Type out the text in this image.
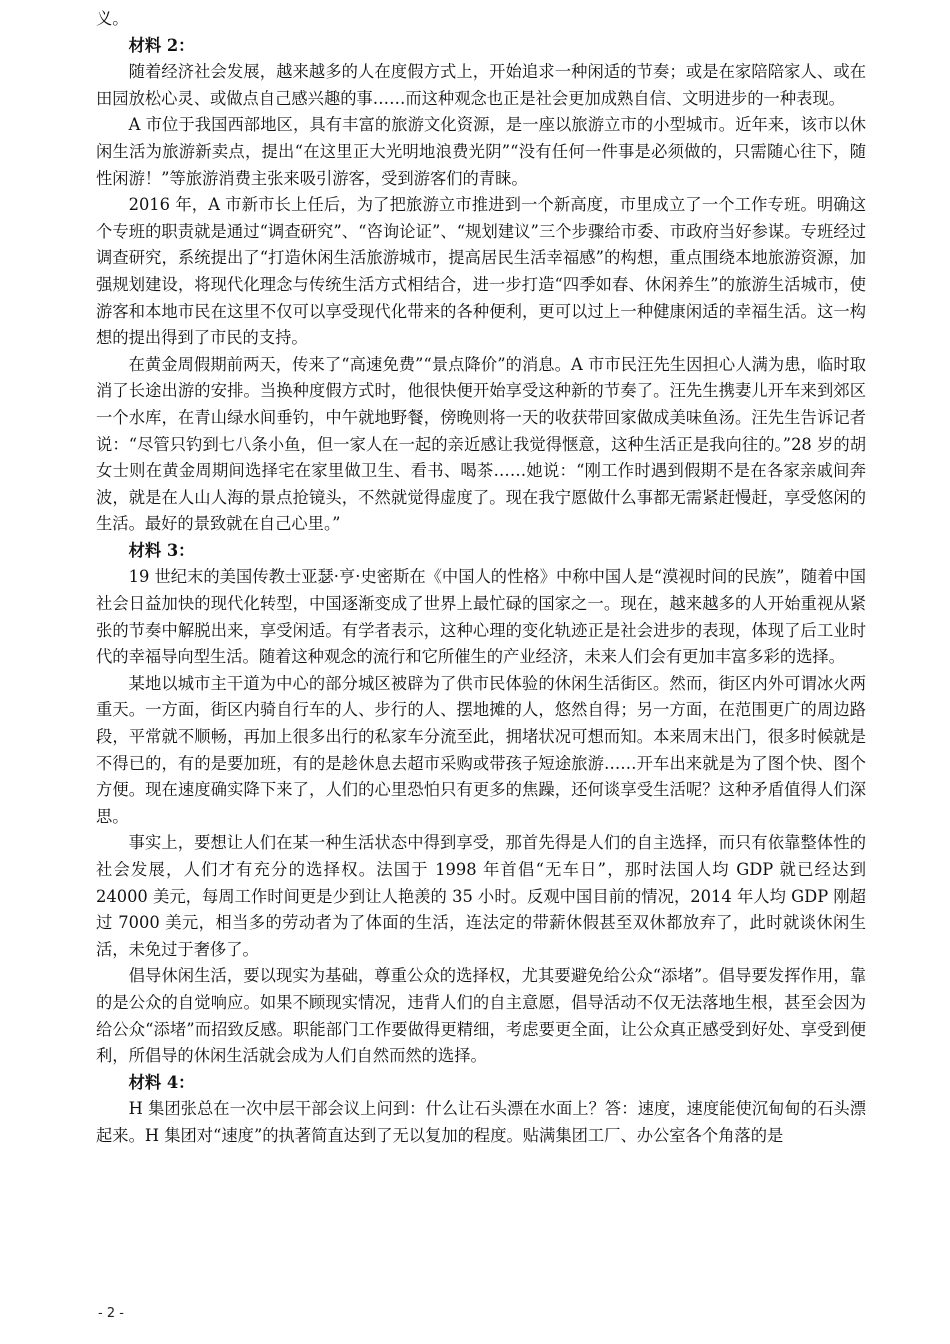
义。

材料 2：

随着经济社会发展，越来越多的人在度假方式上，开始追求一种闲适的节奏；或是在家陪陪家人、或在田园放松心灵、或做点自己感兴趣的事……而这种观念也正是社会更加成熟自信、文明进步的一种表现。

A 市位于我国西部地区，具有丰富的旅游文化资源，是一座以旅游立市的小型城市。近年来，该市以休闲生活为旅游新卖点，提出“在这里正大光明地浪费光阴”“没有任何一件事是必须做的，只需随心往下，随性闲游！”等旅游消费主张来吸引游客，受到游客们的青睐。

2016 年，A 市新市长上任后，为了把旅游立市推进到一个新高度，市里成立了一个工作专班。明确这个专班的职责就是通过“调查研究”、“咨询论证”、“规划建议”三个步骤给市委、市政府当好参谋。专班经过调查研究，系统提出了“打造休闲生活旅游城市，提高居民生活幸福感”的构想，重点围绕本地旅游资源，加强规划建设，将现代化理念与传统生活方式相结合，进一步打造“四季如春、休闲养生”的旅游生活城市，使游客和本地市民在这里不仅可以享受现代化带来的各种便利，更可以过上一种健康闲适的幸福生活。这一构想的提出得到了市民的支持。

在黄金周假期前两天，传来了“高速免费”“景点降价”的消息。A 市市民汪先生因担心人满为患，临时取消了长途出游的安排。当换种度假方式时，他很快便开始享受这种新的节奏了。汪先生携妻儿开车来到郊区一个水库，在青山绿水间垂钓，中午就地野餐，傍晚则将一天的收获带回家做成美味鱼汤。汪先生告诉记者说：“尽管只钓到七八条小鱼，但一家人在一起的亲近感让我觉得惬意，这种生活正是我向往的。”28 岁的胡女士则在黄金周期间选择宅在家里做卫生、看书、喝茶……她说：“刚工作时遇到假期不是在各家亲戚间奔波，就是在人山人海的景点抢镜头，不然就觉得虚度了。现在我宁愿做什么事都无需紧赶慢赶，享受悠闲的生活。最好的景致就在自己心里。”

材料 3：

19 世纪末的美国传教士亚瑟·亨·史密斯在《中国人的性格》中称中国人是“漠视时间的民族”，随着中国社会日益加快的现代化转型，中国逐渐变成了世界上最忙碌的国家之一。现在，越来越多的人开始重视从紧张的节奏中解脱出来，享受闲适。有学者表示，这种心理的变化轨迹正是社会进步的表现，体现了后工业时代的幸福导向型生活。随着这种观念的流行和它所催生的产业经济，未来人们会有更加丰富多彩的选择。

某地以城市主干道为中心的部分城区被辟为了供市民体验的休闲生活街区。然而，街区内外可谓冰火两重天。一方面，街区内骑自行车的人、步行的人、摆地摊的人，悠然自得；另一方面，在范围更广的周边路段，平常就不顺畅，再加上很多出行的私家车分流至此，拥堵状况可想而知。本来周末出门，很多时候就是不得已的，有的是要加班，有的是趁休息去超市采购或带孩子短途旅游……开车出来就是为了图个快、图个方便。现在速度确实降下来了，人们的心里恐怕只有更多的焦躁，还何谈享受生活呢？这种矛盾值得人们深思。

事实上，要想让人们在某一种生活状态中得到享受，那首先得是人们的自主选择，而只有依靠整体性的社会发展，人们才有充分的选择权。法国于 1998 年首倡“无车日”，那时法国人均 GDP 就已经达到 24000 美元，每周工作时间更是少到让人艳羡的 35 小时。反观中国目前的情况，2014 年人均 GDP 刚超过 7000 美元，相当多的劳动者为了体面的生活，连法定的带薪休假甚至双休都放弃了，此时就谈休闲生活，未免过于奢侈了。

倡导休闲生活，要以现实为基础，尊重公众的选择权，尤其要避免给公众“添堵”。倡导要发挥作用，靠的是公众的自觉响应。如果不顾现实情况，违背人们的自主意愿，倡导活动不仅无法落地生根，甚至会因为给公众“添堵”而招致反感。职能部门工作要做得更精细，考虑要更全面，让公众真正感受到好处、享受到便利，所倡导的休闲生活就会成为人们自然而然的选择。

材料 4：

H 集团张总在一次中层干部会议上问到：什么让石头漂在水面上？答：速度，速度能使沉甸甸的石头漂起来。H 集团对“速度”的执著简直达到了无以复加的程度。贴满集团工厂、办公室各个角落的是

- 2 -
